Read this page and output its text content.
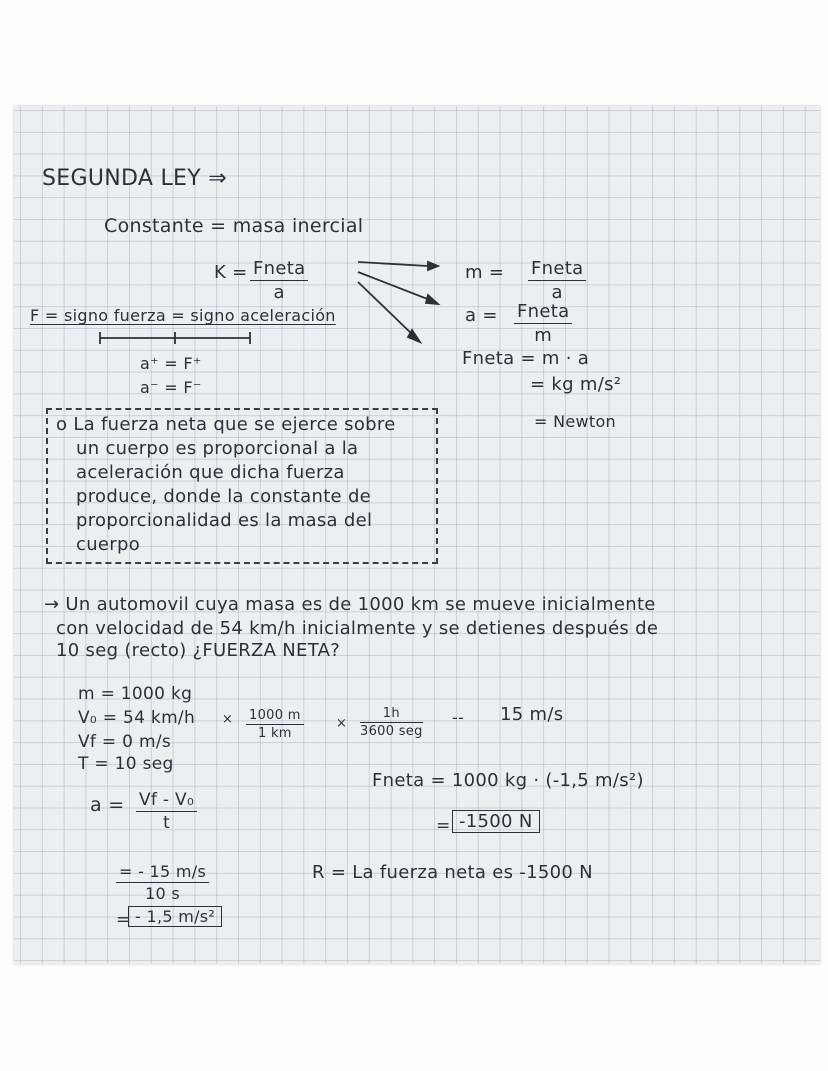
SEGUNDA LEY ⇒
Constante = masa inercial
K = Fneta
a
m = Fneta
a
a = Fneta
m
Fneta = m · a
= kg m/s²
= Newton
F = signo fuerza = signo aceleración
a⁺ = F⁺
a⁻ = F⁻
o La fuerza neta que se ejerce sobre
un cuerpo es proporcional a la
aceleración que dicha fuerza
produce, donde la constante de
proporcionalidad es la masa del
cuerpo
→ Un automovil cuya masa es de 1000 km se mueve inicialmente
con velocidad de 54 km/h inicialmente y se detienes después de
10 seg (recto) ¿FUERZA NETA?
m = 1000 kg
V₀ = 54 km/h
Vf = 0 m/s
T = 10 seg
× $\frac{1000 m}{1 km}$ ×
1h
3600 seg
-- 15 m/s
$a = \frac{\text{Vf - V₀}}{t}$
$\frac{= - 15 m/s}{10 s}$
= - 1,5 m/s²
Fneta = 1000 kg · (-1,5 m/s²)
= -1500 N
R = La fuerza neta es -1500 N
